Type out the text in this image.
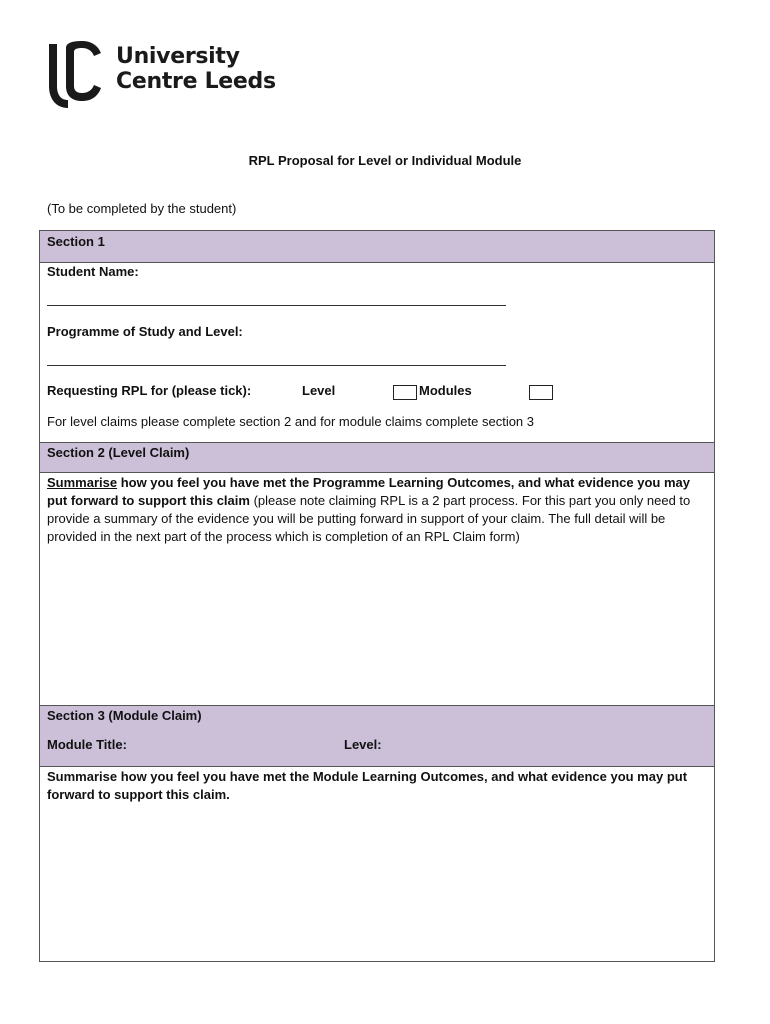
University
Centre Leeds
RPL Proposal for Level or Individual Module
(To be completed by the student)
Section 1
Student Name:
Programme of Study and Level:
Requesting RPL for (please tick):	Level	Modules
For level claims please complete section 2 and for module claims complete section 3
Section 2 (Level Claim)
Summarise how you feel you have met the Programme Learning Outcomes, and what evidence you may put forward to support this claim (please note claiming RPL is a 2 part process. For this part you only need to provide a summary of the evidence you will be putting forward in support of your claim. The full detail will be provided in the next part of the process which is completion of an RPL Claim form)
Section 3 (Module Claim)
Module Title:	Level:
Summarise how you feel you have met the Module Learning Outcomes, and what evidence you may put forward to support this claim.
